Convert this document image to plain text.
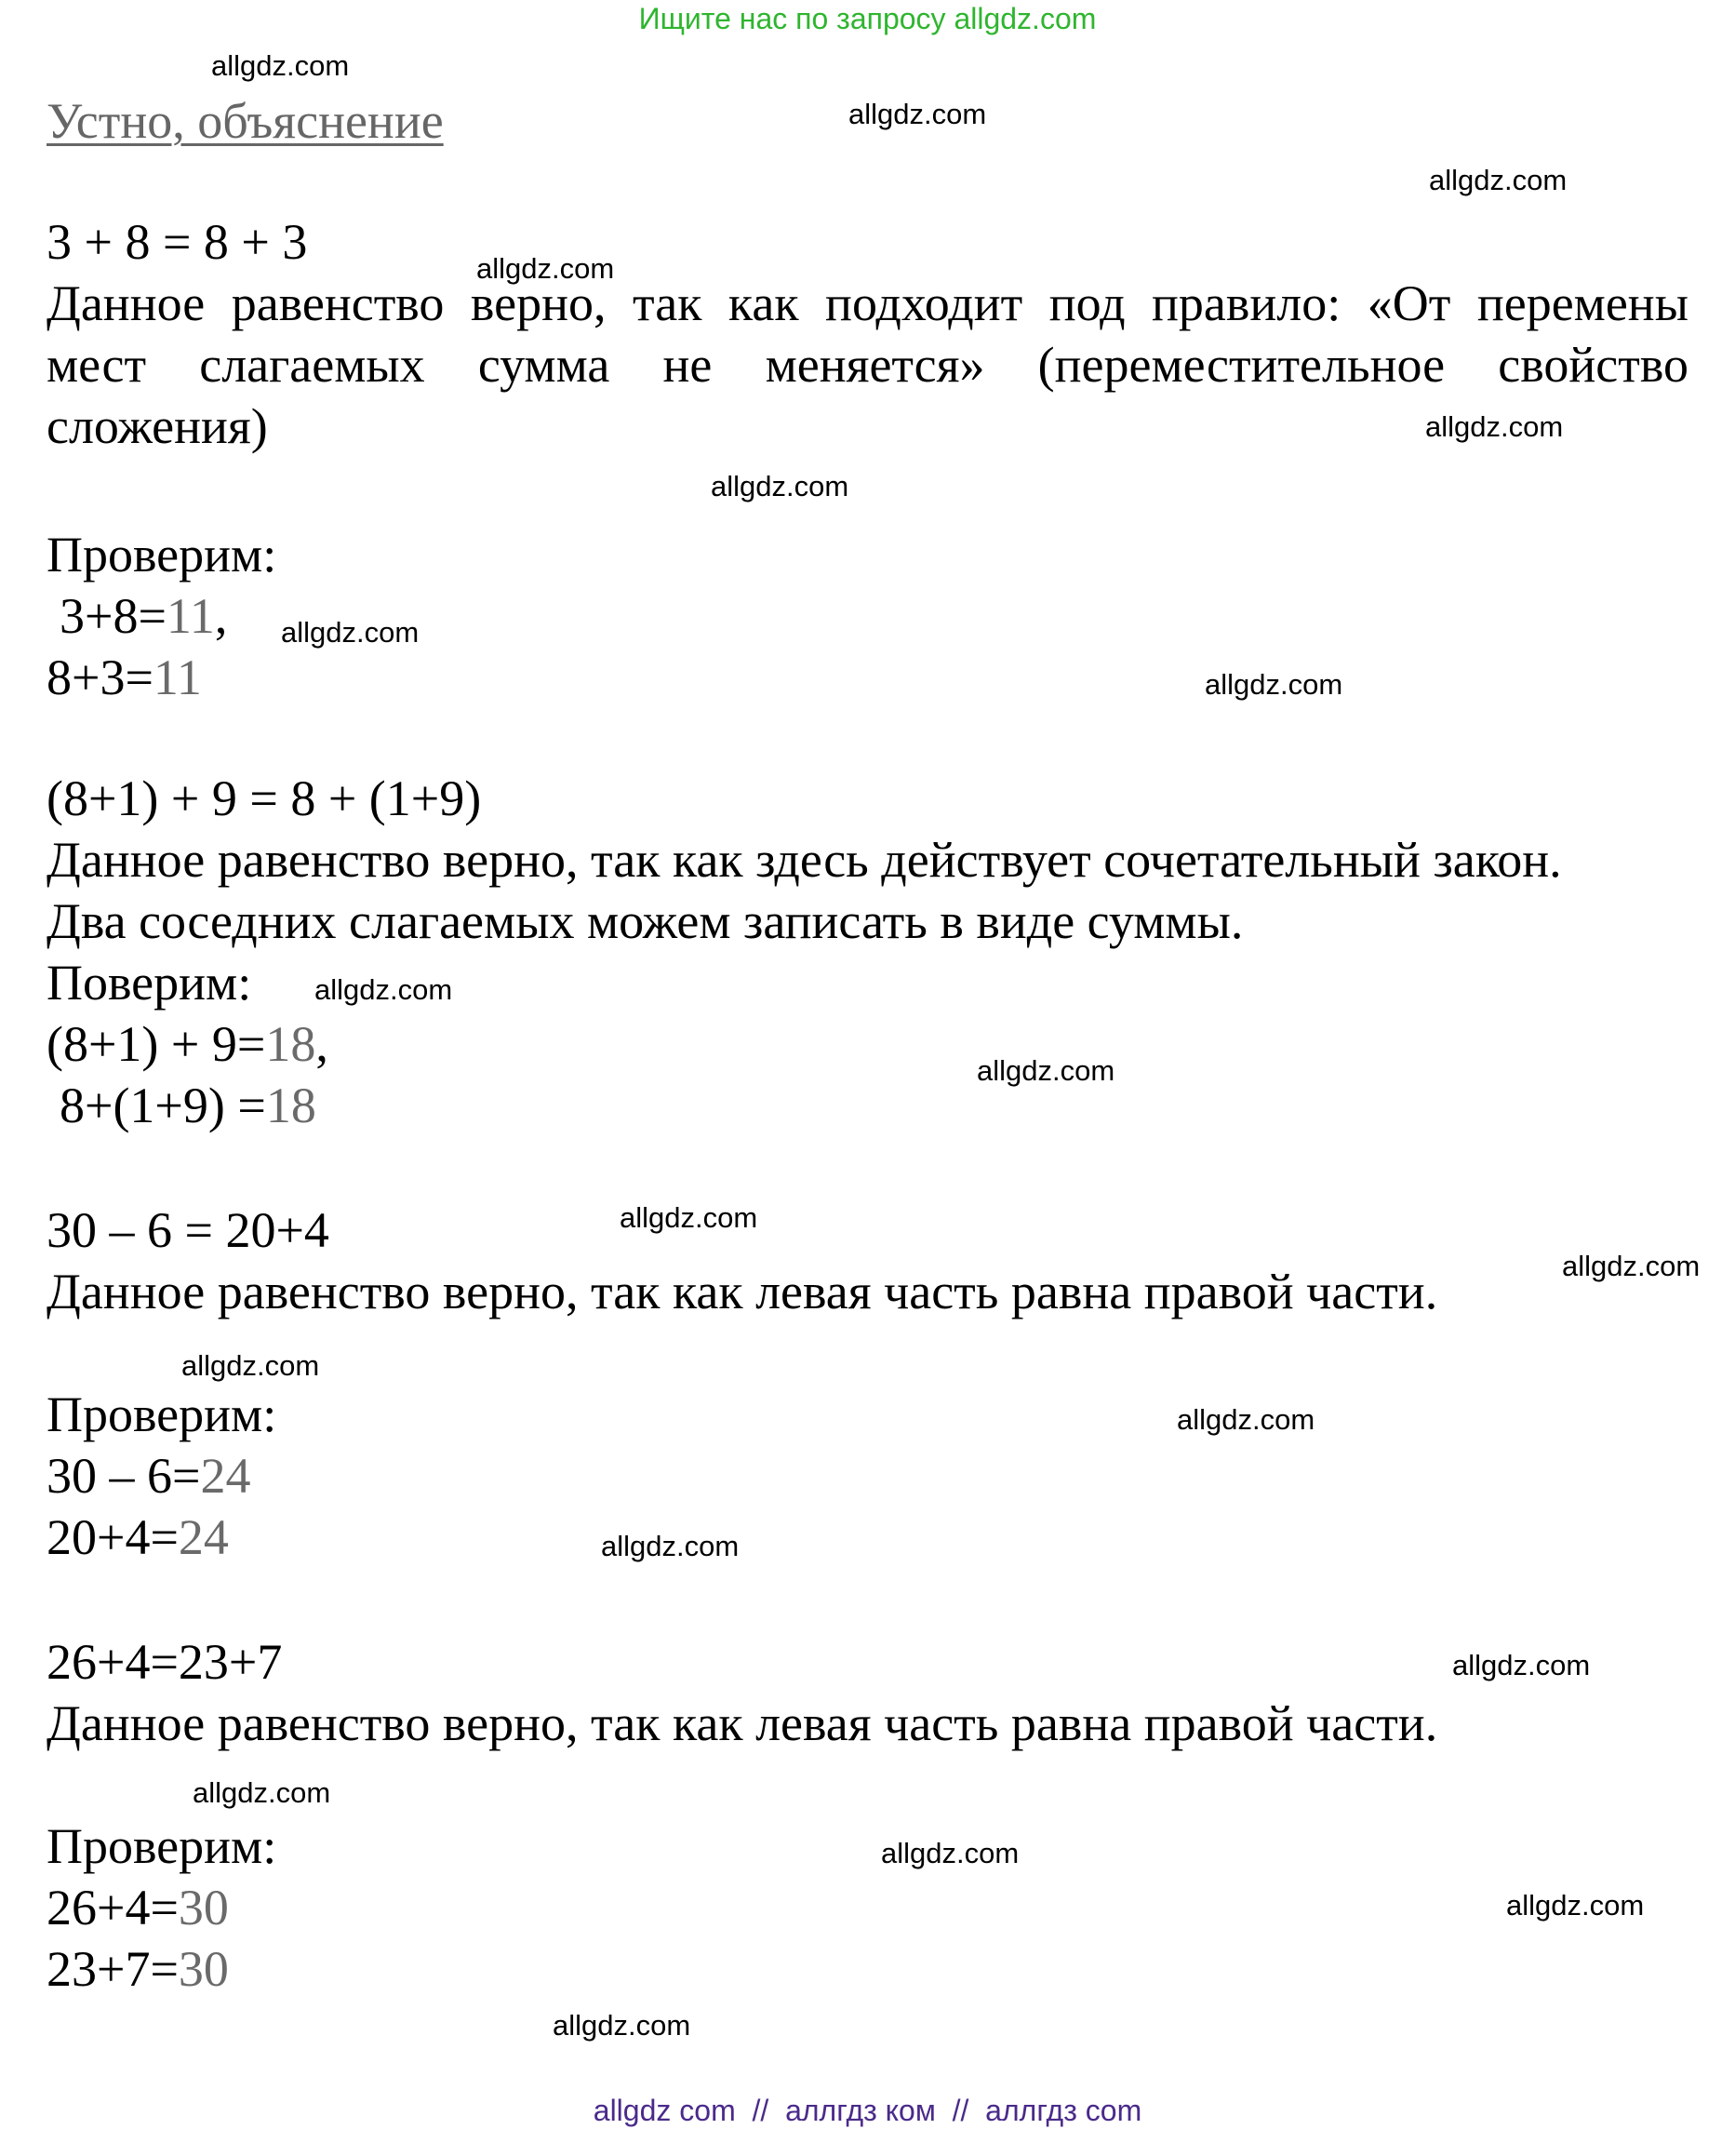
Ищите нас по запросу allgdz.com
allgdz.com
allgdz.com
allgdz.com
allgdz.com
allgdz.com
allgdz.com
allgdz.com
allgdz.com
allgdz.com
allgdz.com
allgdz.com
allgdz.com
allgdz.com
allgdz.com
allgdz.com
allgdz.com
allgdz.com
allgdz.com
allgdz.com
allgdz.com
Устно, объяснение
3 + 8 = 8 + 3
Данное равенство верно, так как подходит под правило: «От перемены
мест слагаемых сумма не меняется» (переместительное свойство
сложения)
Проверим:
3+8=11,
8+3=11
(8+1) + 9 = 8 + (1+9)
Данное равенство верно, так как здесь действует сочетательный закон.
Два соседних слагаемых можем записать в виде суммы.
Поверим:
(8+1) + 9=18,
8+(1+9) =18
30 – 6 = 20+4
Данное равенство верно, так как левая часть равна правой части.
Проверим:
30 – 6=24
20+4=24
26+4=23+7
Данное равенство верно, так как левая часть равна правой части.
Проверим:
26+4=30
23+7=30
allgdz com  //  аллгдз ком  //  аллгдз com
